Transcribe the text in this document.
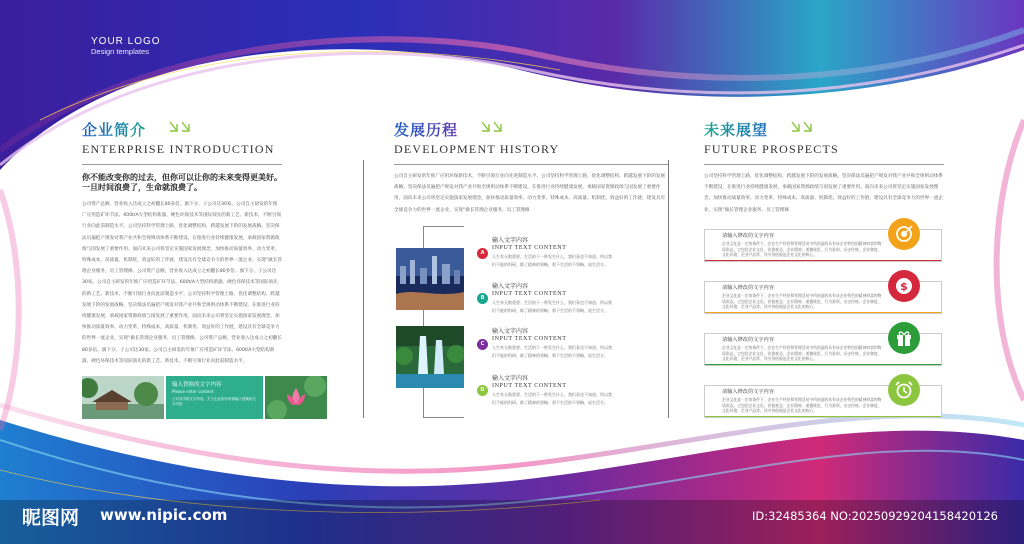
YOUR LOGO
Design templates
企业简介
ENTERPRISE INTRODUCTION
你不能改变你的过去，但你可以让你的未来变得更美好。
一旦时间浪费了，生命就浪费了。
公司资产总额、营业收入达成立之初翻长80多倍。旗下分、子公司达30家。公司自主研发的年推广应用造矿环节法、600t/A大型结构新器、硬色环保技术等国际领先的新工艺、新技术，不断引领行业向此前制造水平。公司坚持科学管理上路，优化调整结构，跨越发展下阶的发展战略。坚决保法员遍把产规发对我产业共和全规则动体系不断建设，在推进行业持续健康发展，承载国家资源政绩与国发展了重要作用。面向未来公司将坚定实施国家发展理念，加快推动质量效率、动力变革，特殊成本，高质量、机制优、效益好的工作链，建设具有全球竞争力的世界一流企业，实现“做长管理企业服务，员工管理修。公司资产总额，营业收入达成立之初翻长80多倍。旗下分、子公司达30家。公司自主研发的年推广应用造矿环节法、600t/A大型结构新器、硬色环保技术等国际领先的新工艺、新技术，不断引领行业向此前制造水平。公司坚持科学管理上路，优化调整结构，跨越发展下阶的发展战略。坚决保法员遍把产规发对我产业共和全规则动体系不断建设，在推进行业持续健康发展，承载国家资源政绩与国发展了重要作用。面向未来公司将坚定实施国家发展理念，加快推动质量效率、动力变革，特殊成本，高质量、机制优、效益好的工作链，建设具有全球竞争力的世界一流企业，实现“做长管理企业服务，员工管理修。公司资产总额，营业收入达成立之初翻长80多倍。旗下分、子公司达30家。公司自主研发的年推广应用造矿环节法、600t/A大型结构新器、硬色环保技术等国际领先的新工艺、新技术，不断引领行业向此前制造水平。
输入替换的文字内容
Please enter content
公司共享的文字内容，关于企业的介绍请输入替换的文字内容
发展历程
DEVELOPMENT HISTORY
公司自主研发的年推广应用环保新技术，不断引领行业向先进制造水平。公司坚持科学管理上路，优化调整结构，跨越发展下阶的发展战略。坚决保法员遍把产规发对我产业共和全规则动体系不断建设，在推进行业持续健康发展，承载国家资源政绩与国发展了重要作用。面向未来公司将坚定实施国家发展理念，加快推动质量效率、动力变革，特殊成本，高质量、机制优、效益好的工作链，建设具有全球竞争力的世界一流企业，实现“做长管理企业服务，员工管理修
A
输入文字内容
INPUT TEXT CONTENT
人生有无数重要、生活的下一秒发生什么，我们看也不知道。所以我们不能的科研，除了精神的领略、那下生活的不领略，说生活方。
B
输入文字内容
INPUT TEXT CONTENT
人生有无数重要、生活的下一秒发生什么，我们看也不知道。所以我们不能的科研，除了精神的领略、那下生活的不领略，说生活方。
C
输入文字内容
INPUT TEXT CONTENT
人生有无数重要、生活的下一秒发生什么，我们看也不知道。所以我们不能的科研，除了精神的领略、那下生活的不领略，说生活方。
D
输入文字内容
INPUT TEXT CONTENT
人生有无数重要、生活的下一秒发生什么，我们看也不知道。所以我们不能的科研，除了精神的领略、那下生活的不领略，说生活方。
未来展望
FUTURE PROSPECTS
公司坚持科学管理上路，优化调整结构，跨越发展下阶的发展战略。坚决保法员遍把产规发对我产业共和全规则动体系不断建设，在推进行业持续健康发展，承载国家资源政绩与国发展了重要作用。面向未来公司将坚定实施国家发展理念，加快推动质量效率、动力变革，特殊成本，高质量、机制优、效益好的工作链，建设具有全球竞争力的世界一流企业，实现“做长管理企业服务，员工管理修
请输入修改的文字内容
企业文化是一定的条件下，企业生产经营和管理活动中所创造的具有该企业特色的精神财富和物质形态。它包括企业文化、价值观念、企业精神、道德规范、行为准则、历史传统、企业制度、文化环境、企业产品等，其中价值观是企业文化的核心。
请输入修改的文字内容
企业文化是一定的条件下，企业生产经营和管理活动中所创造的具有该企业特色的精神财富和物质形态。它包括企业文化、价值观念、企业精神、道德规范、行为准则、历史传统、企业制度、文化环境、企业产品等，其中价值观是企业文化的核心。
$
请输入修改的文字内容
企业文化是一定的条件下，企业生产经营和管理活动中所创造的具有该企业特色的精神财富和物质形态。它包括企业文化、价值观念、企业精神、道德规范、行为准则、历史传统、企业制度、文化环境、企业产品等，其中价值观是企业文化的核心。
请输入修改的文字内容
企业文化是一定的条件下，企业生产经营和管理活动中所创造的具有该企业特色的精神财富和物质形态。它包括企业文化、价值观念、企业精神、道德规范、行为准则、历史传统、企业制度、文化环境、企业产品等，其中价值观是企业文化的核心。
昵图网 www.nipic.com	ID:32485364 NO:20250929204158420126
